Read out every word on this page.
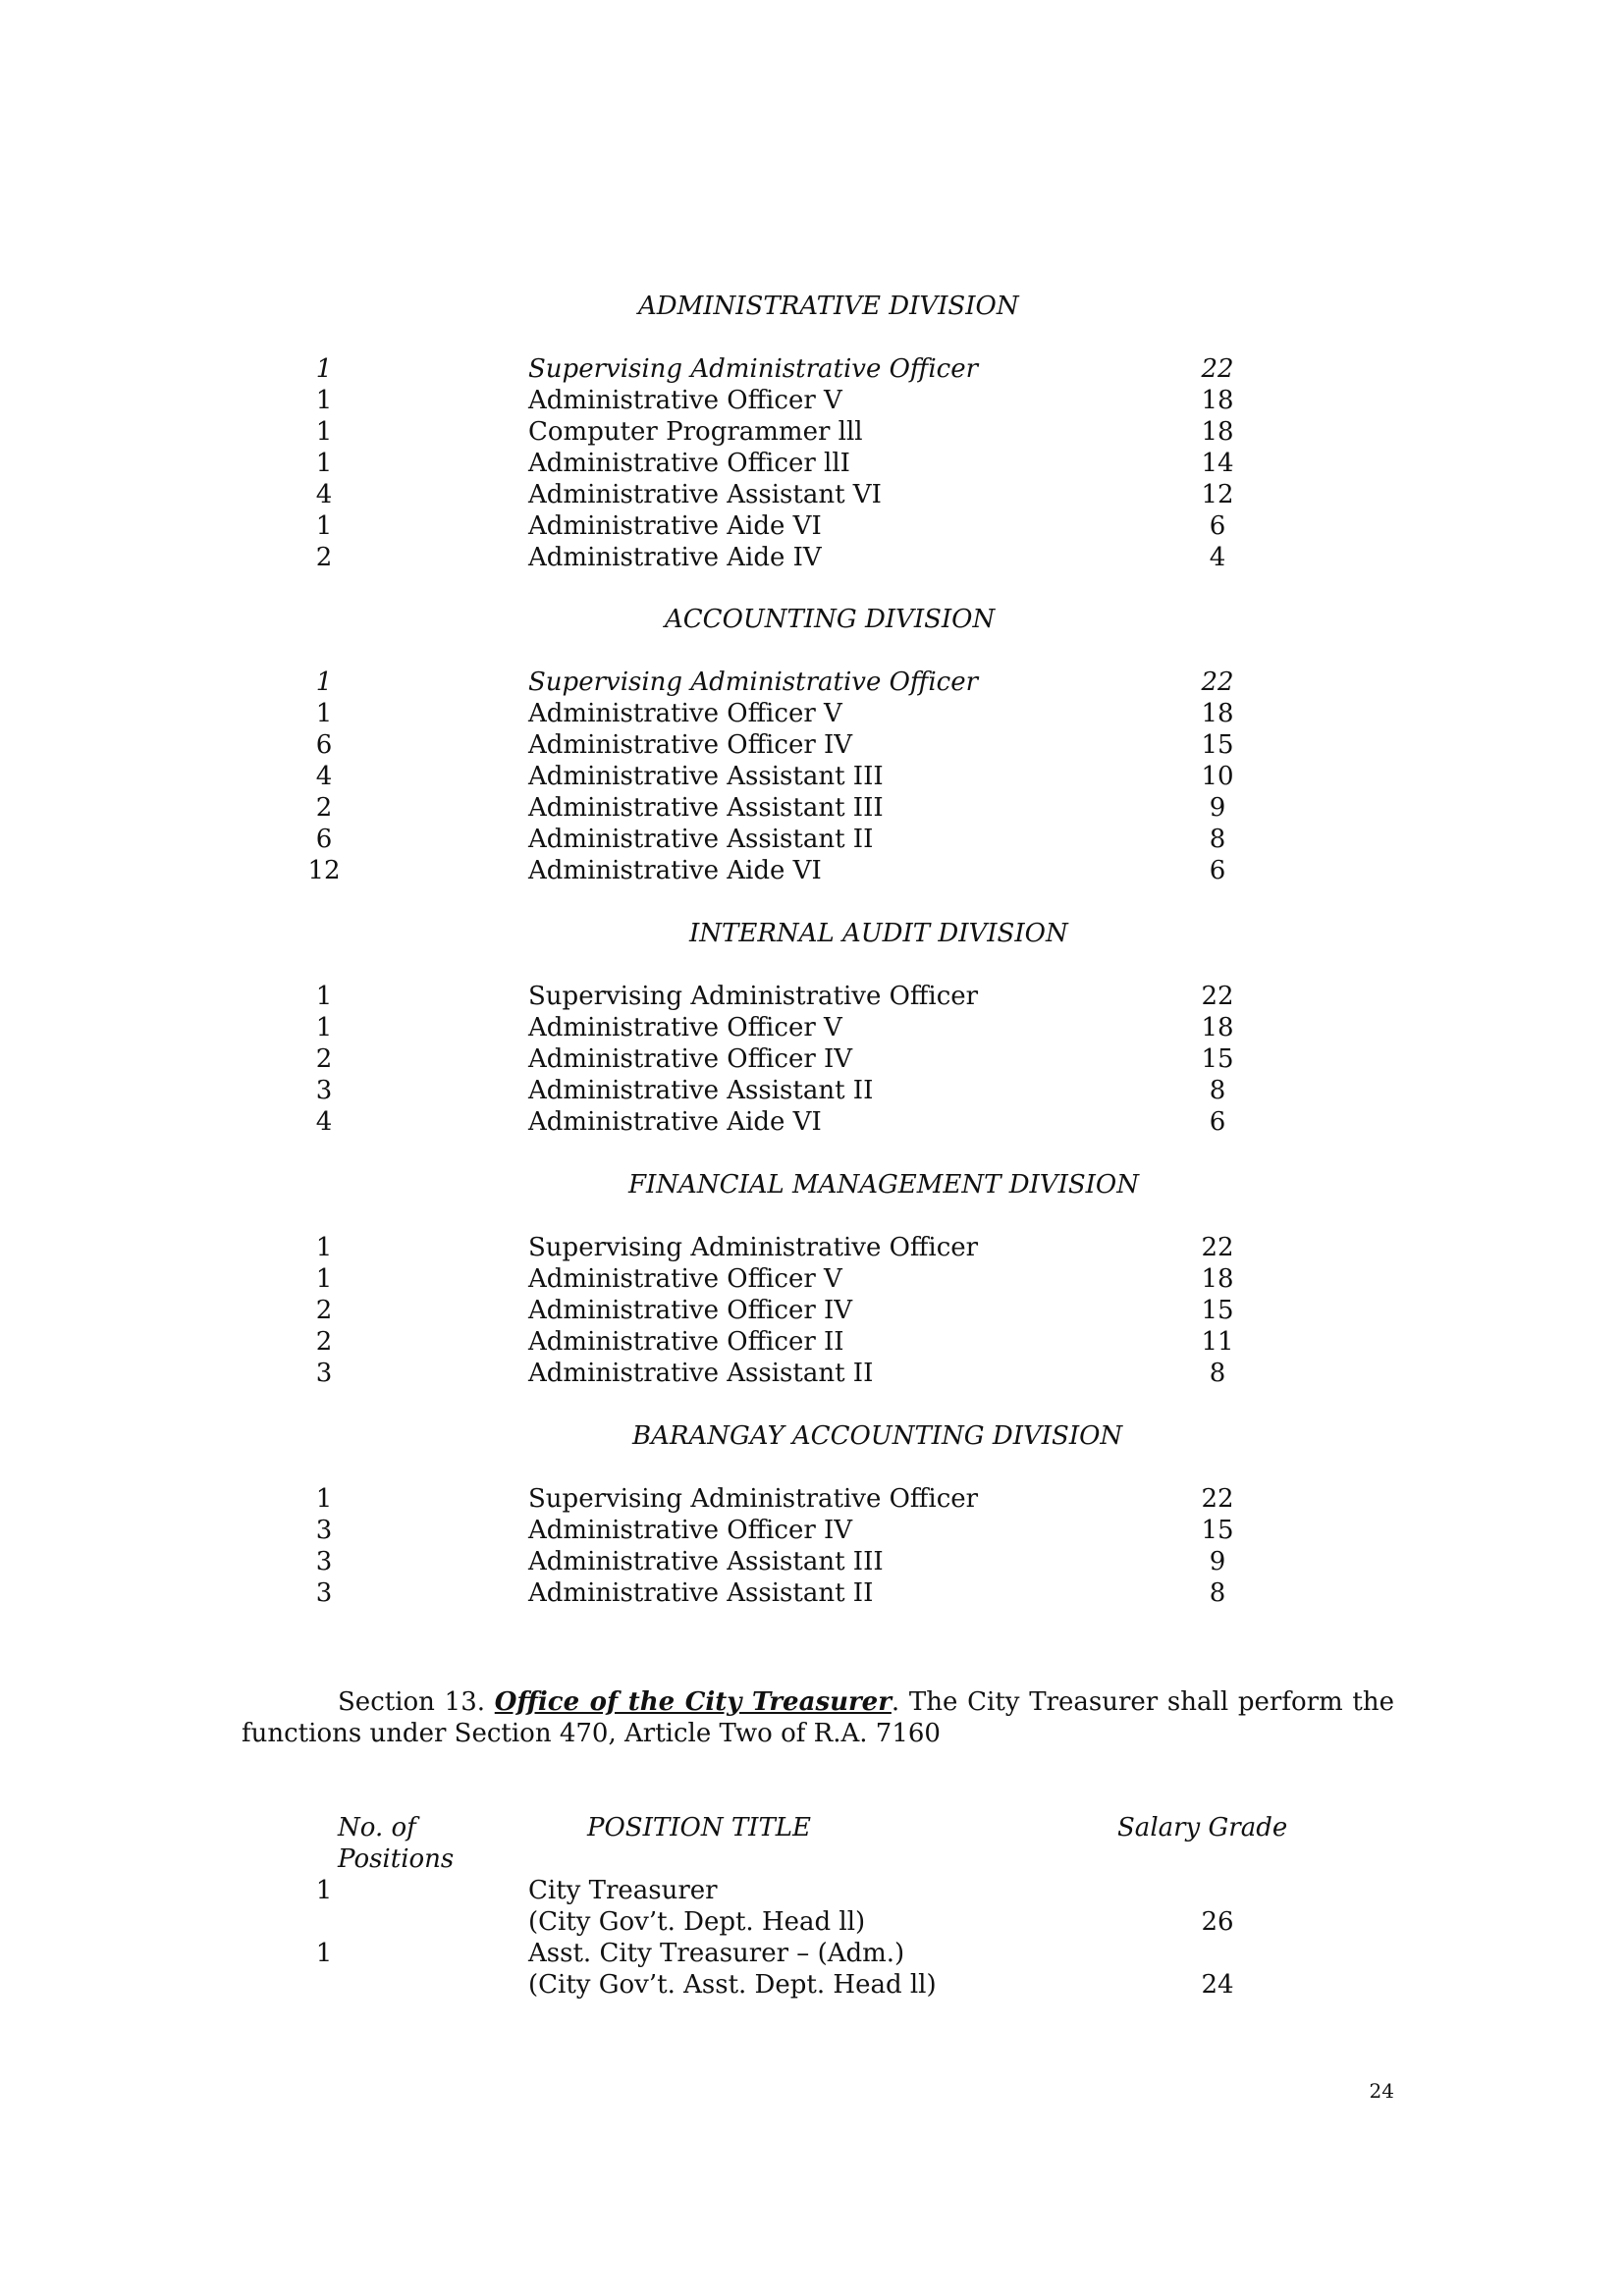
ADMINISTRATIVE DIVISION
1	Supervising Administrative Officer	22
1	Administrative Officer V	18
1	Computer Programmer lll	18
1	Administrative Officer llI	14
4	Administrative Assistant VI	12
1	Administrative Aide VI	6
2	Administrative Aide IV	4
ACCOUNTING DIVISION
1	Supervising Administrative Officer	22
1	Administrative Officer V	18
6	Administrative Officer IV	15
4	Administrative Assistant III	10
2	Administrative Assistant III	9
6	Administrative Assistant II	8
12	Administrative Aide VI	6
INTERNAL AUDIT DIVISION
1	Supervising Administrative Officer	22
1	Administrative Officer V	18
2	Administrative Officer IV	15
3	Administrative Assistant II	8
4	Administrative Aide VI	6
FINANCIAL MANAGEMENT DIVISION
1	Supervising Administrative Officer	22
1	Administrative Officer V	18
2	Administrative Officer IV	15
2	Administrative Officer II	11
3	Administrative Assistant II	8
BARANGAY ACCOUNTING DIVISION
1	Supervising Administrative Officer	22
3	Administrative Officer IV	15
3	Administrative Assistant III	9
3	Administrative Assistant II	8
Section 13. Office of the City Treasurer. The City Treasurer shall perform the
functions under Section 470, Article Two of R.A. 7160
No. of
Positions
POSITION TITLE	Salary Grade
1	City Treasurer
(City Gov’t. Dept. Head ll)	26
1	Asst. City Treasurer – (Adm.)
(City Gov’t. Asst. Dept. Head ll)	24
24
